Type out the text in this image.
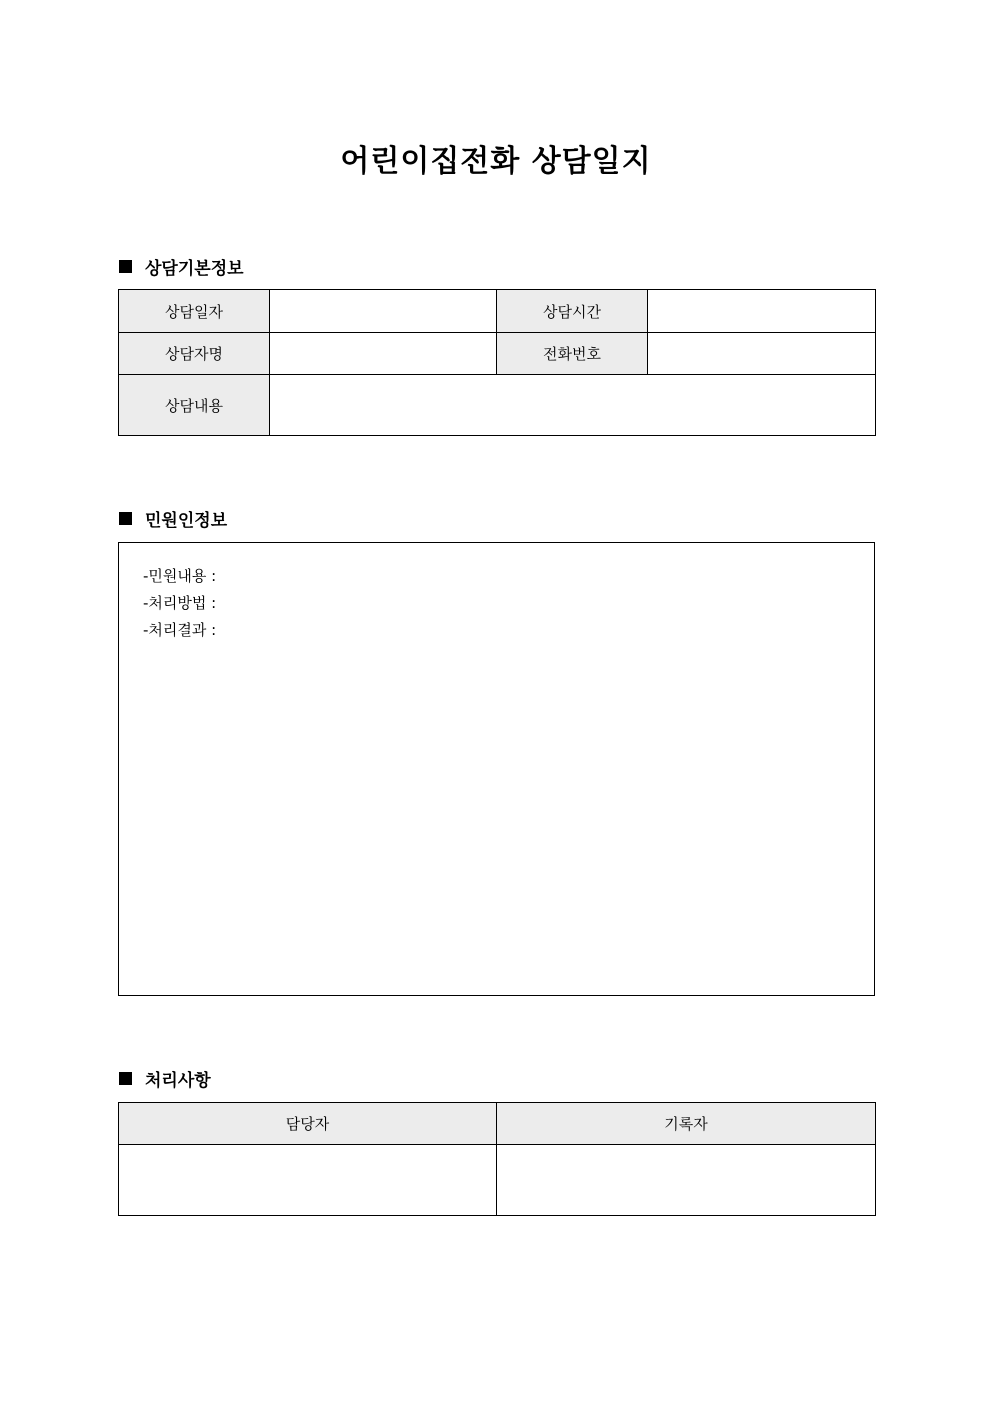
어린이집전화 상담일지
상담기본정보
상담일자		상담시간	
상담자명		전화번호	
상담내용			
민원인정보
-민원내용 :
-처리방법 :
-처리결과 :
처리사항
담당자	기록자
